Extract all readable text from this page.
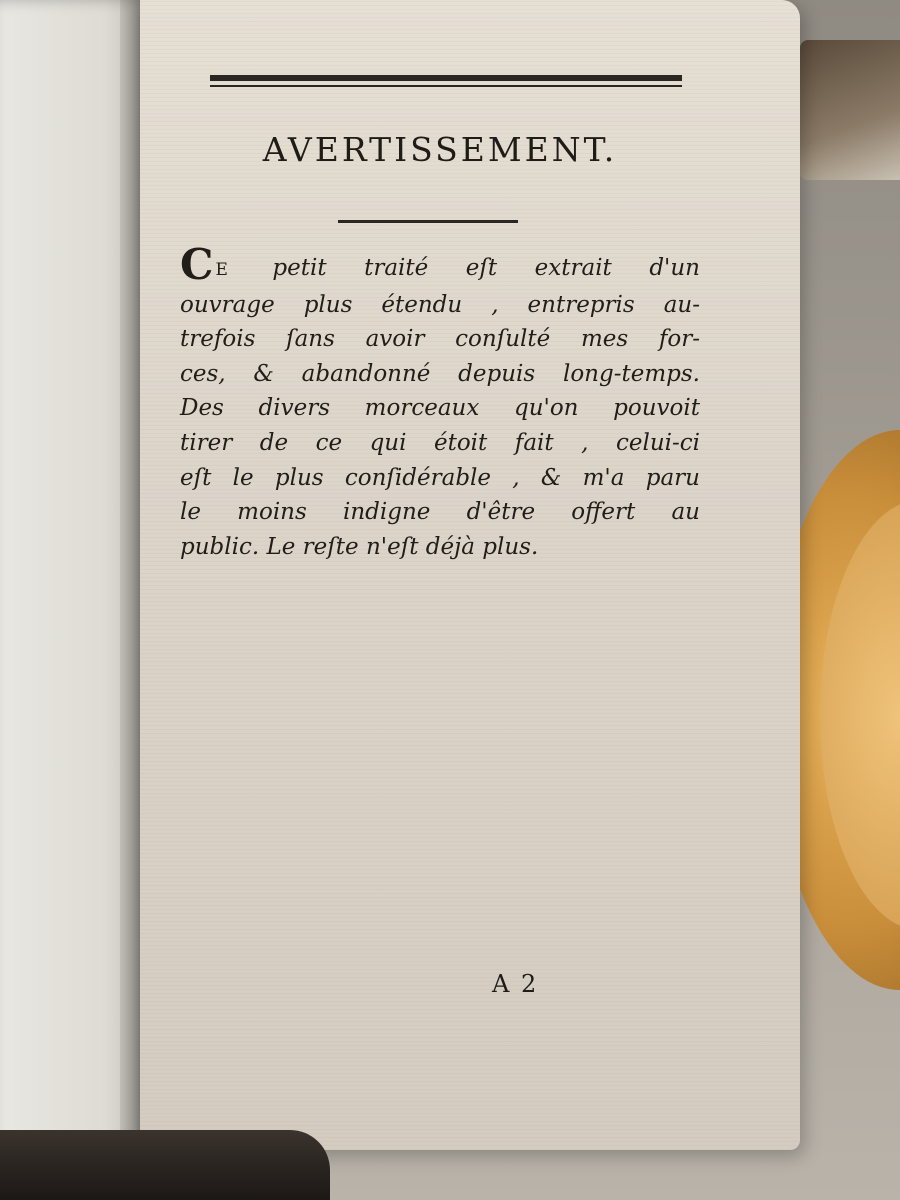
AVERTISSEMENT.
C E petit traité eſt extrait d'un
ouvrage plus étendu , entrepris au-
trefois ſans avoir conſulté mes for-
ces, & abandonné depuis long-temps.
Des divers morceaux qu'on pouvoit
tirer de ce qui étoit fait , celui-ci
eſt le plus conſidérable , & m'a paru
le moins indigne d'être offert au
public. Le reſte n'eſt déjà plus.
A 2
